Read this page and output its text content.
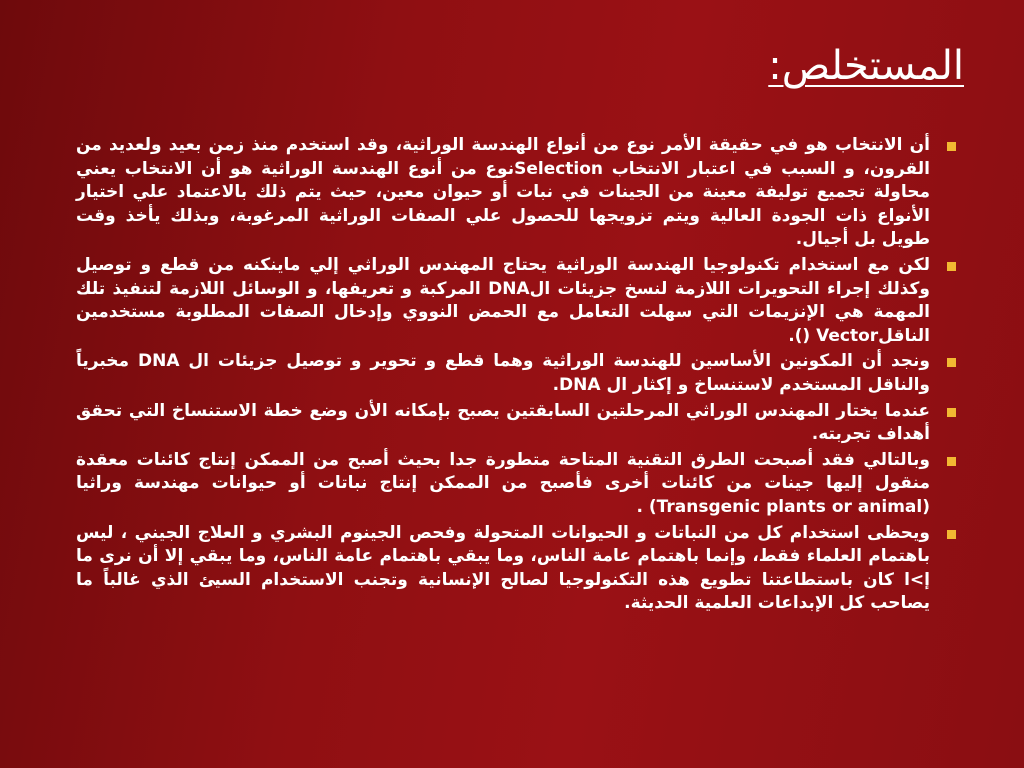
المستخلص:
أن الانتخاب هو في حقيقة الأمر نوع من أنواع الهندسة الوراثية، وقد استخدم منذ زمن بعيد ولعديد من القرون، و السبب في اعتبار الانتخاب Selectionنوع من أنوع الهندسة الوراثية هو أن الانتخاب يعني محاولة تجميع توليفة معينة من الجينات في نبات أو حيوان معين، حيث يتم ذلك بالاعتماد علي اختيار الأنواع ذات الجودة العالية ويتم تزويجها للحصول علي الصفات الوراثية المرغوبة، وبذلك يأخذ وقت طويل بل أجيال.
لكن مع استخدام تكنولوجيا الهندسة الوراثية يحتاج المهندس الوراثي إلي ماينكنه من قطع و توصيل وكذلك إجراء التحويرات اللازمة لنسخ جزيئات الDNA المركبة و تعريفها، و الوسائل اللازمة لتنفيذ تلك المهمة هي الإنزيمات التي سهلت التعامل مع الحمض النووي وإدخال الصفات المطلوبة مستخدمين الناقلVector ().
ونجد أن المكونين الأساسين للهندسة الوراثية وهما قطع و تحوير و توصيل جزيئات ال DNA مخبرياً والناقل المستخدم لاستنساخ و إكثار ال DNA.
عندما يختار المهندس الوراثي المرحلتين السابقتين يصبح بإمكانه الأن وضع خطة الاستنساخ التي تحقق أهداف تجربته.
وبالتالي فقد أصبحت الطرق التقنية المتاحة متطورة جدا بحيث أصبح من الممكن إنتاج كائنات معقدة منقول إليها جينات من كائنات أخرى فأصبح من الممكن إنتاج نباتات أو حيوانات مهندسة وراثيا (Transgenic plants or animal) .
ويحظى استخدام كل من النباتات و الحيوانات المتحولة وفحص الجينوم البشري و العلاج الجيني ، ليس باهتمام العلماء فقط، وإنما باهتمام عامة الناس، وما يبقي باهتمام عامة الناس، وما يبقي إلا أن نرى ما إ>ا كان باستطاعتنا تطويع هذه التكنولوجيا لصالح الإنسانية وتجنب الاستخدام السيئ الذي غالباً ما يصاحب كل الإبداعات العلمية الحديثة.
